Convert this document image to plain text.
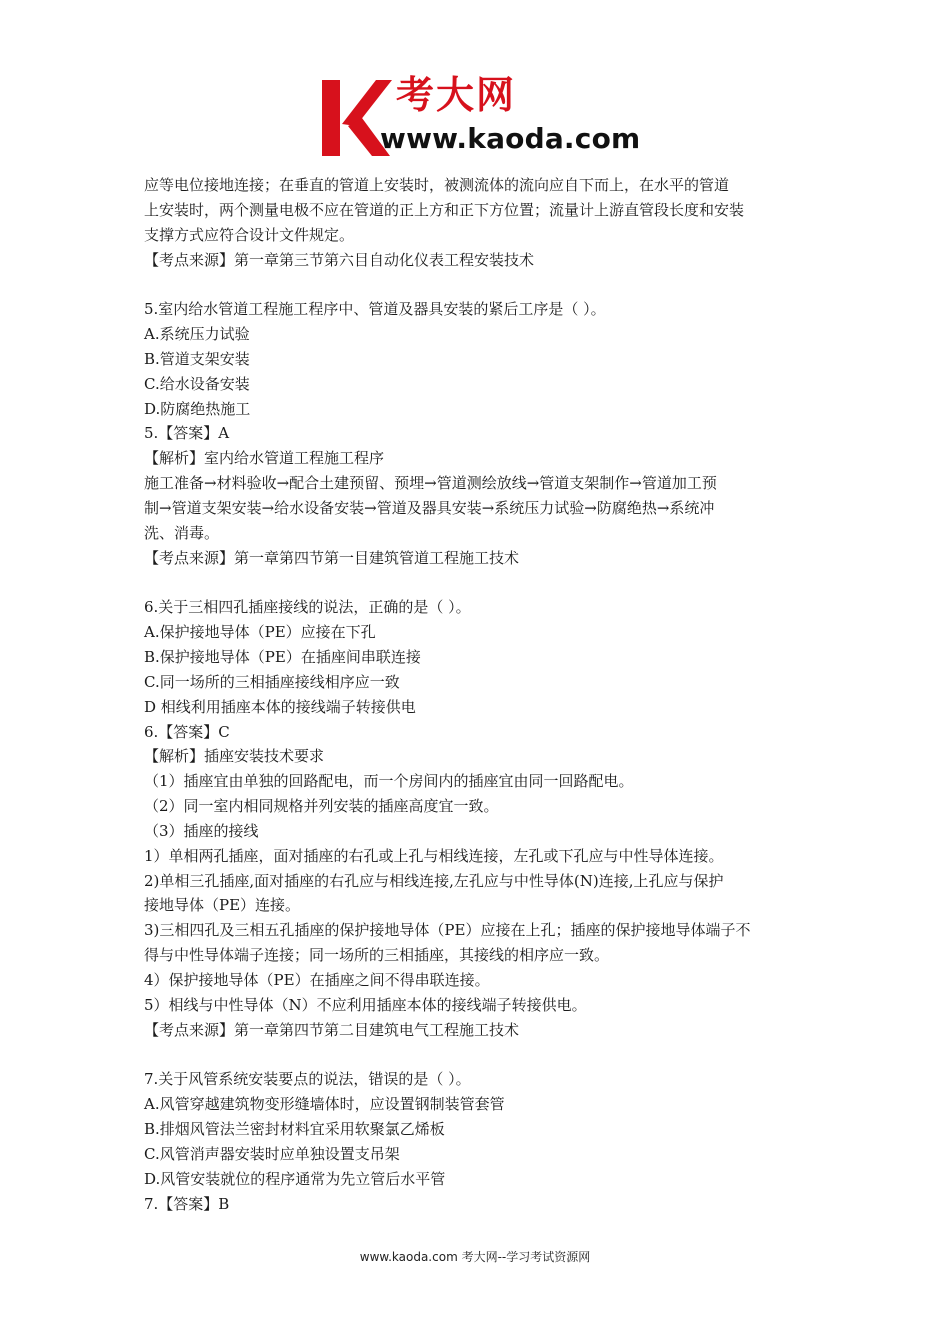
考大网
www.kaoda.com
应等电位接地连接；在垂直的管道上安装时，被测流体的流向应自下而上，在水平的管道
上安装时，两个测量电极不应在管道的正上方和正下方位置；流量计上游直管段长度和安装
支撑方式应符合设计文件规定。
【考点来源】第一章第三节第六目自动化仪表工程安装技术
5.室内给水管道工程施工程序中、管道及器具安装的紧后工序是（ ）。
A.系统压力试验
B.管道支架安装
C.给水设备安装
D.防腐绝热施工
5.【答案】A
【解析】室内给水管道工程施工程序
施工准备→材料验收→配合土建预留、预埋→管道测绘放线→管道支架制作→管道加工预
制→管道支架安装→给水设备安装→管道及器具安装→系统压力试验→防腐绝热→系统冲
洗、消毒。
【考点来源】第一章第四节第一目建筑管道工程施工技术
6.关于三相四孔插座接线的说法，正确的是（ ）。
A.保护接地导体（PE）应接在下孔
B.保护接地导体（PE）在插座间串联连接
C.同一场所的三相插座接线相序应一致
D 相线利用插座本体的接线端子转接供电
6.【答案】C
【解析】插座安装技术要求
（1）插座宜由单独的回路配电，而一个房间内的插座宜由同一回路配电。
（2）同一室内相同规格并列安装的插座高度宜一致。
（3）插座的接线
1）单相两孔插座，面对插座的右孔或上孔与相线连接，左孔或下孔应与中性导体连接。
2)单相三孔插座,面对插座的右孔应与相线连接,左孔应与中性导体(N)连接,上孔应与保护
接地导体（PE）连接。
3)三相四孔及三相五孔插座的保护接地导体（PE）应接在上孔；插座的保护接地导体端子不
得与中性导体端子连接；同一场所的三相插座，其接线的相序应一致。
4）保护接地导体（PE）在插座之间不得串联连接。
5）相线与中性导体（N）不应利用插座本体的接线端子转接供电。
【考点来源】第一章第四节第二目建筑电气工程施工技术
7.关于风管系统安装要点的说法，错误的是（ ）。
A.风管穿越建筑物变形缝墙体时，应设置钢制装管套管
B.排烟风管法兰密封材料宜采用软聚氯乙烯板
C.风管消声器安装时应单独设置支吊架
D.风管安装就位的程序通常为先立管后水平管
7.【答案】B
www.kaoda.com 考大网--学习考试资源网
